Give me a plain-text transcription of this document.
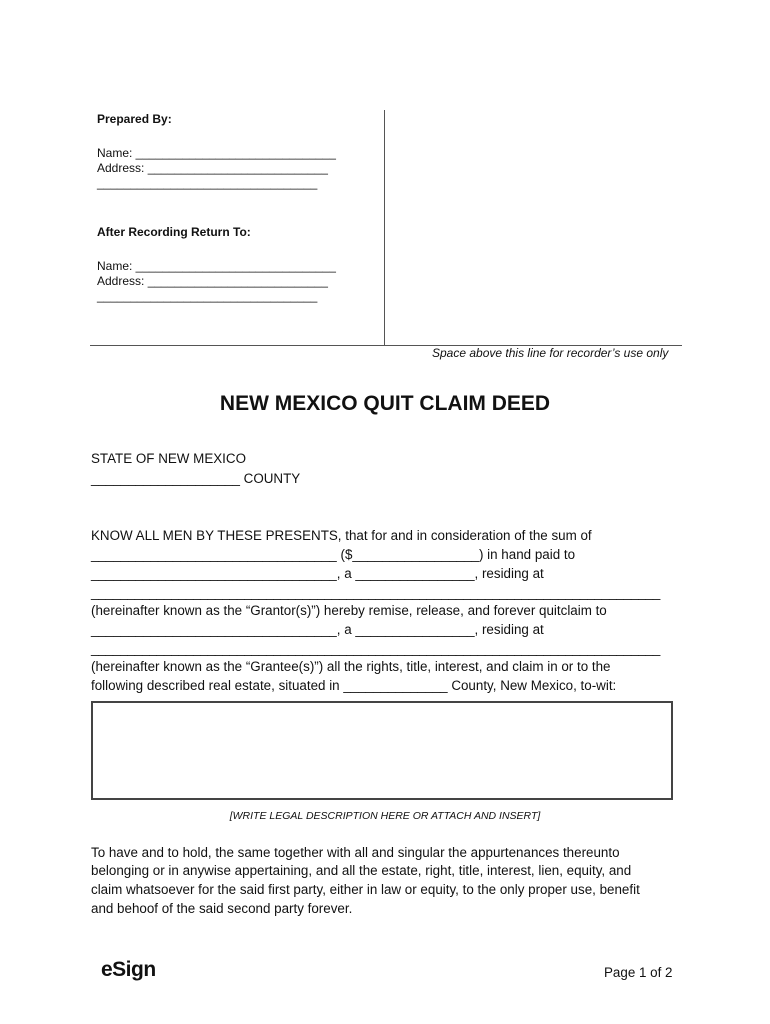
Prepared By:
Name: ______________________________
Address: ___________________________
_________________________________
After Recording Return To:
Name: ______________________________
Address: ___________________________
_________________________________
Space above this line for recorder’s use only
NEW MEXICO QUIT CLAIM DEED
STATE OF NEW MEXICO
____________________ COUNTY
KNOW ALL MEN BY THESE PRESENTS, that for and in consideration of the sum of
_________________________________ ($_________________) in hand paid to
_________________________________, a ________________, residing at
______________________________________________________________________________
(hereinafter known as the “Grantor(s)”) hereby remise, release, and forever quitclaim to
_________________________________, a ________________, residing at
______________________________________________________________________________
(hereinafter known as the “Grantee(s)”) all the rights, title, interest, and claim in or to the
following described real estate, situated in ______________ County, New Mexico, to-wit:
[WRITE LEGAL DESCRIPTION HERE OR ATTACH AND INSERT]
To have and to hold, the same together with all and singular the appurtenances thereunto
belonging or in anywise appertaining, and all the estate, right, title, interest, lien, equity, and
claim whatsoever for the said first party, either in law or equity, to the only proper use, benefit
and behoof of the said second party forever.
eSign	Page 1 of 2
